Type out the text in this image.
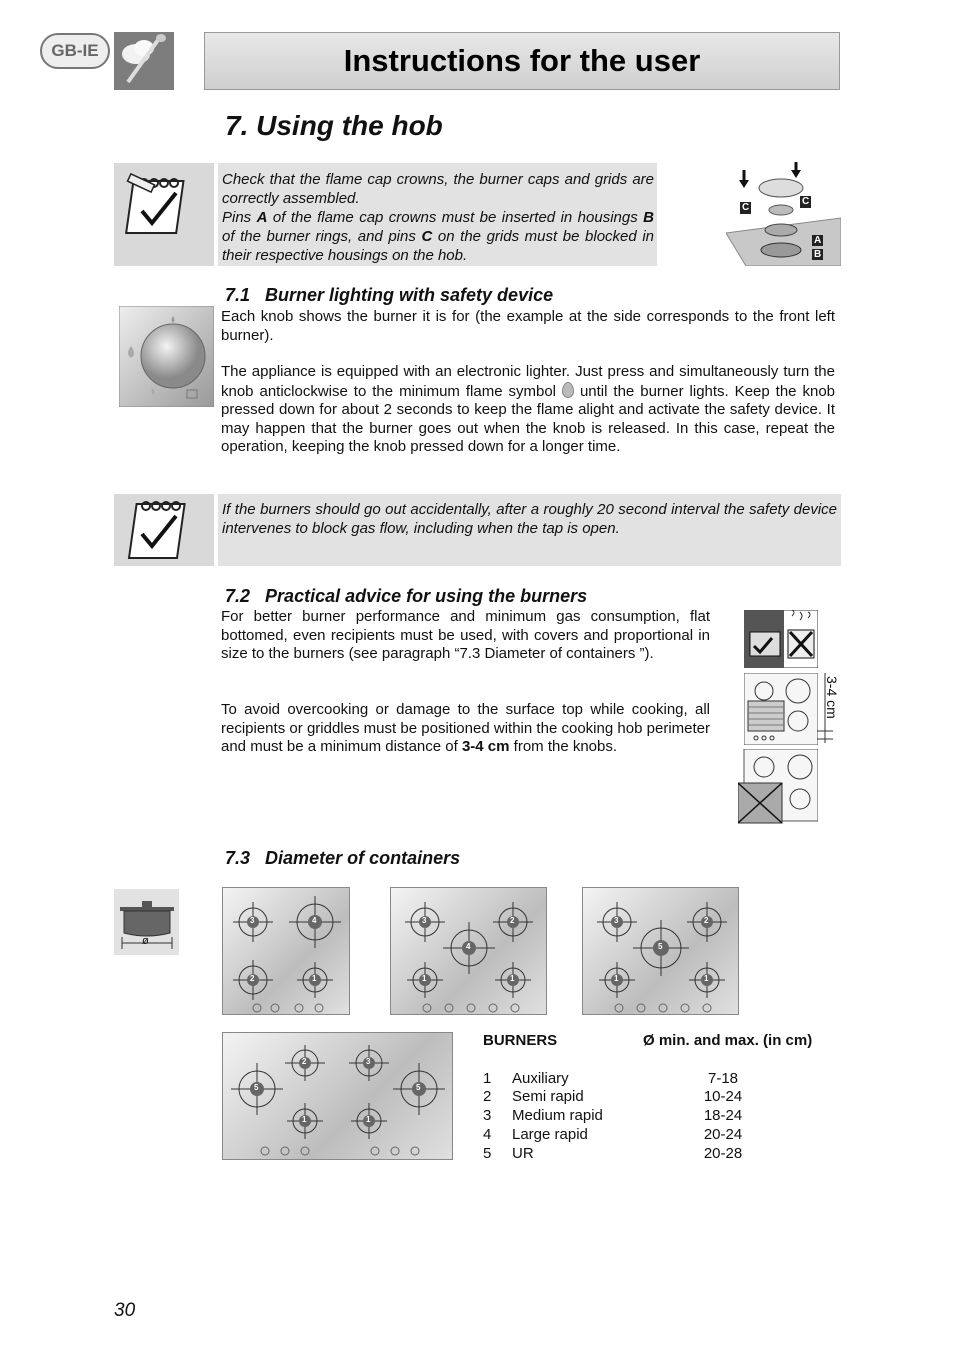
GB-IE	Instructions for the user
7. Using the hob
Check that the flame cap crowns, the burner caps and grids are correctly assembled.
Pins A of the flame cap crowns must be inserted in housings B of the burner rings, and pins C on the grids must be blocked in their respective housings on the hob.
C
C
A
B
7.1 Burner lighting with safety device
Each knob shows the burner it is for (the example at the side corresponds to the front left burner).
The appliance is equipped with an electronic lighter. Just press and simultaneously turn the knob anticlockwise to the minimum flame symbol until the burner lights. Keep the knob pressed down for about 2 seconds to keep the flame alight and activate the safety device. It may happen that the burner goes out when the knob is released. In this case, repeat the operation, keeping the knob pressed down for a longer time.
If the burners should go out accidentally, after a roughly 20 second interval the safety device intervenes to block gas flow, including when the tap is open.
7.2 Practical advice for using the burners
For better burner performance and minimum gas consumption, flat bottomed, even recipients must be used, with covers and proportional in size to the burners (see paragraph “7.3 Diameter of containers ”).
To avoid overcooking or damage to the surface top while cooking, all recipients or griddles must be positioned within the cooking hob perimeter and must be a minimum distance of 3-4 cm from the knobs.
3-4 cm
7.3 Diameter of containers
ø
3	4
2	1
3	2
4
1	1
3	2
5
1	1
2	3
5	5
1	1
BURNERS	Ø min. and max. (in cm)
1	Auxiliary	7-18
2	Semi rapid	10-24
3	Medium rapid	18-24
4	Large rapid	20-24
5	UR	20-28
30
